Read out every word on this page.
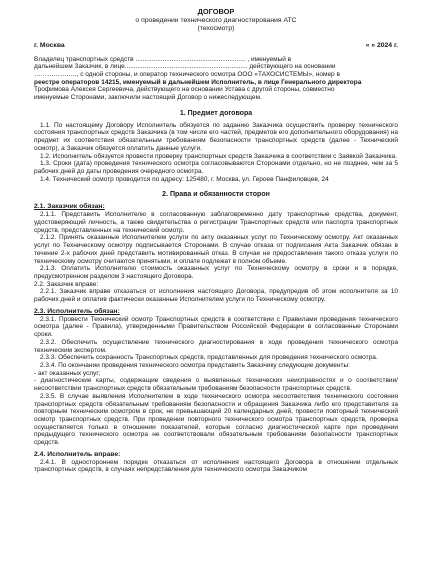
ДОГОВОР
о проведении технического диагностирования АТС
(техосмотр)
г. Москва	« » 2024 г.
Владелец транспортных средств ............................................................. , именуемый в
дальнейшем Заказчик, в лице.................................................................... действующего на основании
……………….., с одной стороны, и оператор технического осмотра ООО «ТАХОСИСТЕМЫ», номер в
реестре операторов 14215, именуемый в дальнейшем Исполнитель, в лице Генерального директора
Трофимова Алексея Сергеевича, действующего на основании Устава с другой стороны, совместно
именуемые Сторонами, заключили настоящий Договор о нижеследующем.
1. Предмет договора
1.1. По настоящему Договору Исполнитель обязуется по заданию Заказчика осуществить проверку технического состояния транспортных средств Заказчика (в том числе его частей, предметов его дополнительного оборудования) на предмет их соответствия обязательным требованиям безопасности транспортных средств (далее - Технический осмотр), а Заказчик обязуется оплатить данные услуги.
1.2. Исполнитель обязуется провести проверку транспортных средств Заказчика в соответствии с Заявкой Заказчика.
1.3. Сроки (дата) проведения технического осмотра согласовываются Сторонами отдельно, но не позднее, чем за 5 рабочих дней до даты проведения очередного осмотра.
1.4. Технический осмотр проводится по адресу: 125480, г. Москва, ул. Героев Панфиловцев, 24
2. Права и обязанности сторон
2.1. Заказчик обязан:
2.1.1. Представить Исполнителю в согласованную заблаговременно дату транспортные средства, документ, удостоверяющий личность, а также свидетельства о регистрации Транспортных средств или паспорта транспортных средств, представленных на технический осмотр.
2.1.2. Принять оказанные Исполнителем услуги по акту оказанных услуг по Техническому осмотру. Акт оказанных услуг по Техническому осмотру подписывается Сторонами. В случае отказа от подписания Акта Заказчик обязан в течение 2-х рабочих дней представить мотивированный отказ. В случае не предоставления такого отказа услуги по техническому осмотру считаются принятыми, и оплате подлежат в полном объеме.
2.1.3. Оплатить Исполнителю стоимость оказанных услуг по Техническому осмотру в сроки и в порядке, предусмотренном разделом 3 настоящего Договора.
2.2. Заказчик вправе:
2.2.1. Заказчик вправе отказаться от исполнения настоящего Договора, предупредив об этом исполнителя за 10 рабочих дней и оплатив фактически оказанные Исполнителем услуги по Техническому осмотру.
2.3. Исполнитель обязан:
2.3.1. Провести Технический осмотр Транспортных средств в соответствии с Правилами проведения технического осмотра (далее - Правила), утвержденными Правительством Российской Федерации в согласованные Сторонами сроки.
2.3.2. Обеспечить осуществление технического диагностирования в ходе проведения технического осмотра техническим экспертом.
2.3.3. Обеспечить сохранность Транспортных средств, представленных для проведения технического осмотра.
2.3.4. По окончании проведения технического осмотра представить Заказчику следующие документы:
- акт оказанных услуг;
- диагностические карты, содержащие сведения о выявленных технических неисправностях и о соответствии/несоответствии транспортных средств обязательным требованиям безопасности транспортных средств.
2.3.5. В случае выявления Исполнителем в ходе технического осмотра несоответствия технического состояния транспортных средств обязательным требованиям безопасности и обращения Заказчика либо его представителя за повторным техническим осмотром в срок, не превышающий 20 календарных дней, провести повторный технический осмотр транспортных средств. При проведении повторного технического осмотра транспортных средств, проверка осуществляется только в отношении показателей, которые согласно диагностической карте при проведении предыдущего технического осмотра не соответствовали обязательным требованиям безопасности транспортных средств.
2.4. Исполнитель вправе:
2.4.1. В одностороннем порядке отказаться от исполнения настоящего Договора в отношении отдельных транспортных средств, в случаях непредставления для технического осмотра Заказчиком
